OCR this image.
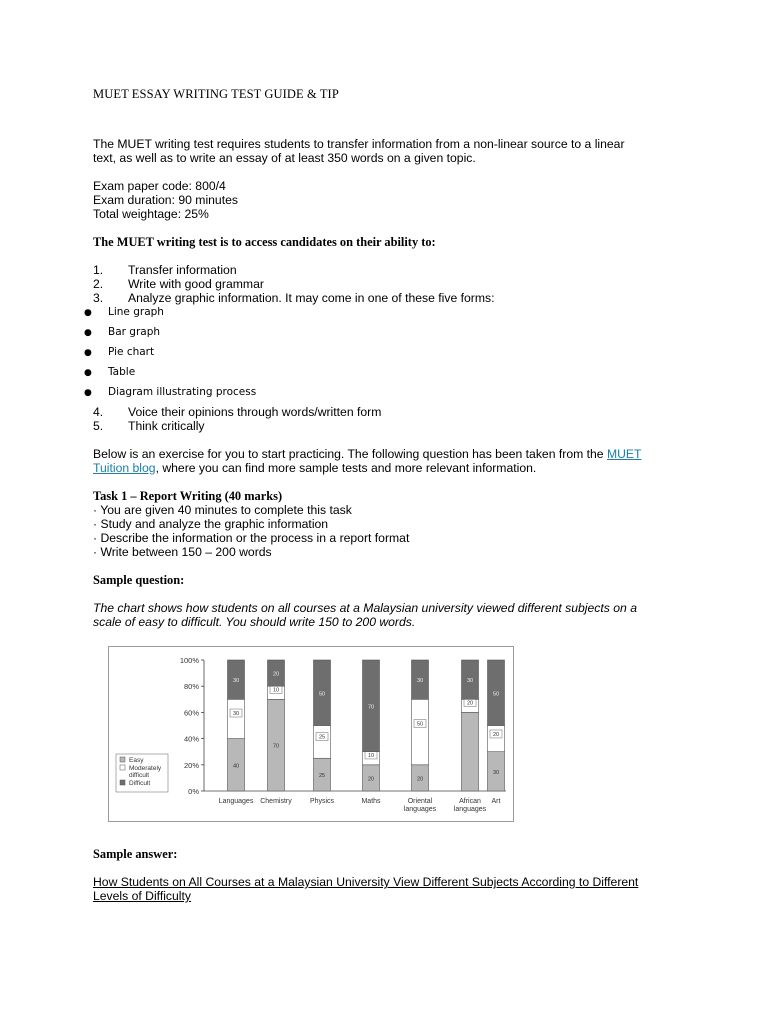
MUET ESSAY WRITING TEST GUIDE & TIP

The MUET writing test requires students to transfer information from a non-linear source to a linear

text, as well as to write an essay of at least 350 words on a given topic.

Exam paper code: 800/4

Exam duration: 90 minutes

Total weightage: 25%

The MUET writing test is to access candidates on their ability to:

1. Transfer information

2. Write with good grammar

3. Analyze graphic information. It may come in one of these five forms:

● Line graph

● Bar graph

● Pie chart

● Table

● Diagram illustrating process

4. Voice their opinions through words/written form

5. Think critically

Below is an exercise for you to start practicing. The following question has been taken from the MUET

Tuition blog, where you can find more sample tests and more relevant information.

Task 1 – Report Writing (40 marks)

· You are given 40 minutes to complete this task

· Study and analyze the graphic information

· Describe the information or the process in a report format

· Write between 150 – 200 words

Sample question:

The chart shows how students on all courses at a Malaysian university viewed different subjects on a

scale of easy to difficult. You should write 150 to 200 words.

0%
20%
40%
60%
80%
100%
40
30
30
Languages
70
10
20
Chemistry
25
25
50
Physics
20
10
70
Maths
20
50
30
Oriental
languages
20
30
African
languages
30
20
50
Art
Easy
Moderately
difficult
Difficult

Sample answer:

How Students on All Courses at a Malaysian University View Different Subjects According to Different

Levels of Difficulty
